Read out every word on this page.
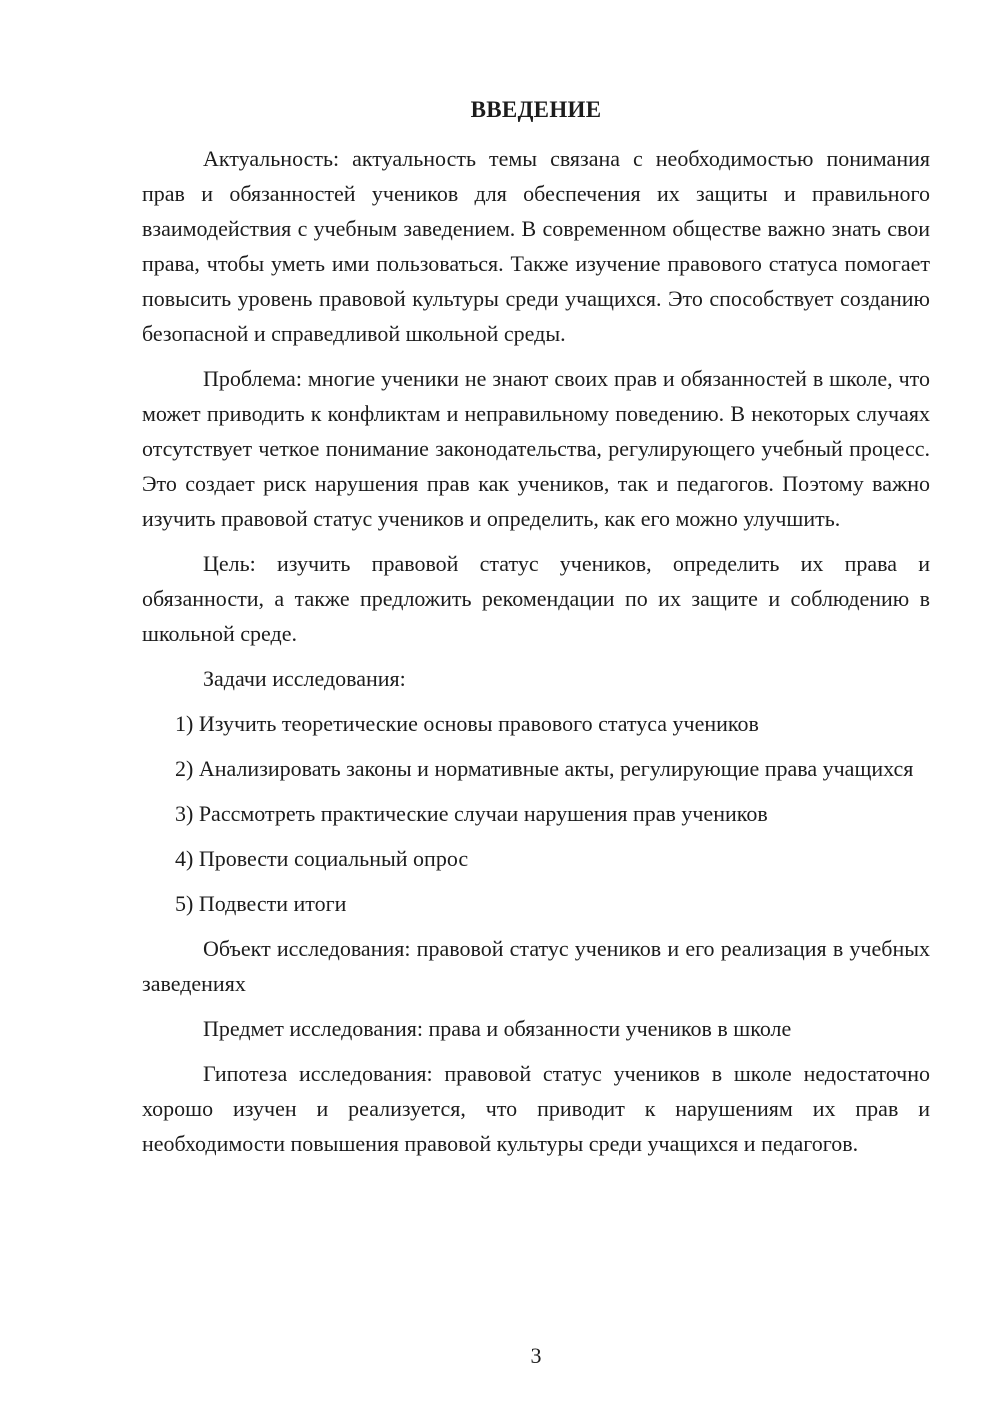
ВВЕДЕНИЕ

Актуальность: актуальность темы связана с необходимостью понимания прав и обязанностей учеников для обеспечения их защиты и правильного взаимодействия с учебным заведением. В современном обществе важно знать свои права, чтобы уметь ими пользоваться. Также изучение правового статуса помогает повысить уровень правовой культуры среди учащихся. Это способствует созданию безопасной и справедливой школьной среды.

Проблема: многие ученики не знают своих прав и обязанностей в школе, что может приводить к конфликтам и неправильному поведению. В некоторых случаях отсутствует четкое понимание законодательства, регулирующего учебный процесс. Это создает риск нарушения прав как учеников, так и педагогов. Поэтому важно изучить правовой статус учеников и определить, как его можно улучшить.

Цель: изучить правовой статус учеников, определить их права и обязанности, а также предложить рекомендации по их защите и соблюдению в школьной среде.

Задачи исследования:

1) Изучить теоретические основы правового статуса учеников

2) Анализировать законы и нормативные акты, регулирующие права учащихся

3) Рассмотреть практические случаи нарушения прав учеников

4) Провести социальный опрос

5) Подвести итоги

Объект исследования: правовой статус учеников и его реализация в учебных заведениях

Предмет исследования: права и обязанности учеников в школе

Гипотеза исследования: правовой статус учеников в школе недостаточно хорошо изучен и реализуется, что приводит к нарушениям их прав и необходимости повышения правовой культуры среди учащихся и педагогов.

3
